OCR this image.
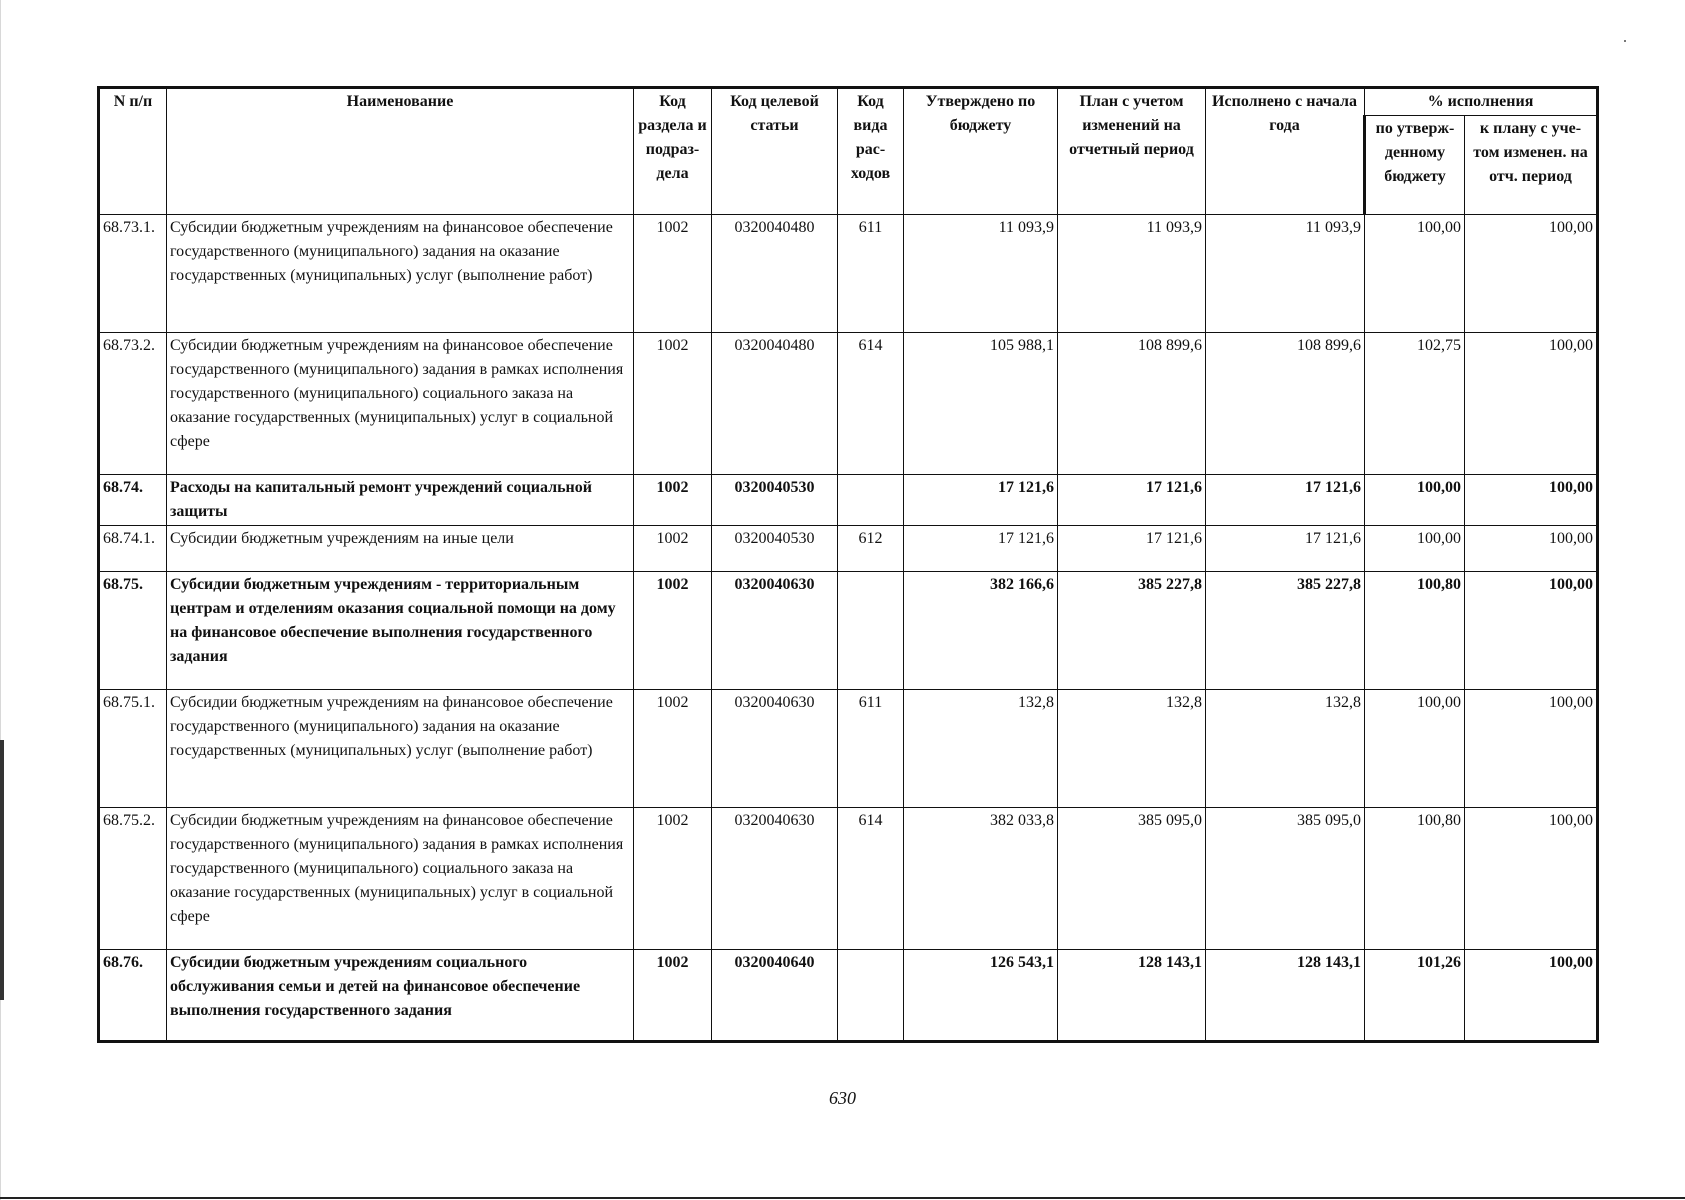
N п/п	Наименование	Код раздела и подраз-дела	Код целевой статьи	Код вида рас-ходов	Утверждено по бюджету	План с учетом изменений на отчетный период	Исполнено с начала года	% исполнения	
								по утверж-денному бюджету	к плану с уче-том изменен. на отч. период
68.73.1.	Субсидии бюджетным учреждениям на финансовое обеспечение государственного (муниципального) задания на оказание государственных (муниципальных) услуг (выполнение работ)	1002	0320040480	611	11 093,9	11 093,9	11 093,9	100,00	100,00
68.73.2.	Субсидии бюджетным учреждениям на финансовое обеспечение государственного (муниципального) задания в рамках исполнения государственного (муниципального) социального заказа на оказание государственных (муниципальных) услуг в социальной сфере	1002	0320040480	614	105 988,1	108 899,6	108 899,6	102,75	100,00
68.74.	Расходы на капитальный ремонт учреждений социальной защиты	1002	0320040530		17 121,6	17 121,6	17 121,6	100,00	100,00
68.74.1.	Субсидии бюджетным учреждениям на иные цели	1002	0320040530	612	17 121,6	17 121,6	17 121,6	100,00	100,00
68.75.	Субсидии бюджетным учреждениям - территориальным центрам и отделениям оказания социальной помощи на дому на финансовое обеспечение выполнения государственного задания	1002	0320040630		382 166,6	385 227,8	385 227,8	100,80	100,00
68.75.1.	Субсидии бюджетным учреждениям на финансовое обеспечение государственного (муниципального) задания на оказание государственных (муниципальных) услуг (выполнение работ)	1002	0320040630	611	132,8	132,8	132,8	100,00	100,00
68.75.2.	Субсидии бюджетным учреждениям на финансовое обеспечение государственного (муниципального) задания в рамках исполнения государственного (муниципального) социального заказа на оказание государственных (муниципальных) услуг в социальной сфере	1002	0320040630	614	382 033,8	385 095,0	385 095,0	100,80	100,00
68.76.	Субсидии бюджетным учреждениям социального обслуживания семьи и детей на финансовое обеспечение выполнения государственного задания	1002	0320040640		126 543,1	128 143,1	128 143,1	101,26	100,00
630
